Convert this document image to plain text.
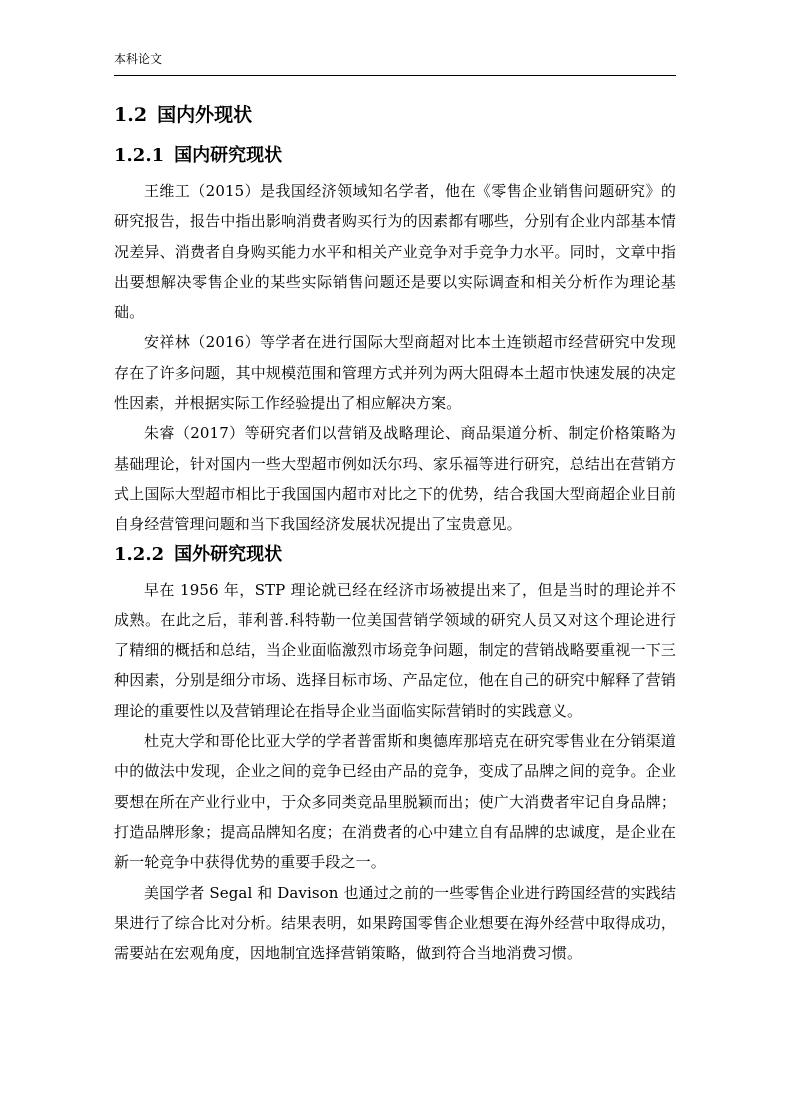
本科论文
1.2 国内外现状
1.2.1 国内研究现状

王维工（2015）是我国经济领域知名学者，他在《零售企业销售问题研究》的研究报告，报告中指出影响消费者购买行为的因素都有哪些，分别有企业内部基本情况差异、消费者自身购买能力水平和相关产业竞争对手竞争力水平。同时，文章中指出要想解决零售企业的某些实际销售问题还是要以实际调查和相关分析作为理论基础。

安祥林（2016）等学者在进行国际大型商超对比本土连锁超市经营研究中发现存在了许多问题，其中规模范围和管理方式并列为两大阻碍本土超市快速发展的决定性因素，并根据实际工作经验提出了相应解决方案。

朱睿（2017）等研究者们以营销及战略理论、商品渠道分析、制定价格策略为基础理论，针对国内一些大型超市例如沃尔玛、家乐福等进行研究，总结出在营销方式上国际大型超市相比于我国国内超市对比之下的优势，结合我国大型商超企业目前自身经营管理问题和当下我国经济发展状况提出了宝贵意见。

1.2.2 国外研究现状

早在 1956 年，STP 理论就已经在经济市场被提出来了，但是当时的理论并不成熟。在此之后，菲利普.科特勒一位美国营销学领域的研究人员又对这个理论进行了精细的概括和总结，当企业面临激烈市场竞争问题，制定的营销战略要重视一下三种因素，分别是细分市场、选择目标市场、产品定位，他在自己的研究中解释了营销理论的重要性以及营销理论在指导企业当面临实际营销时的实践意义。

杜克大学和哥伦比亚大学的学者普雷斯和奥德库那培克在研究零售业在分销渠道中的做法中发现，企业之间的竞争已经由产品的竞争，变成了品牌之间的竞争。企业要想在所在产业行业中，于众多同类竞品里脱颖而出；使广大消费者牢记自身品牌；打造品牌形象；提高品牌知名度；在消费者的心中建立自有品牌的忠诚度，是企业在新一轮竞争中获得优势的重要手段之一。

美国学者 Segal 和 Davison 也通过之前的一些零售企业进行跨国经营的实践结果进行了综合比对分析。结果表明，如果跨国零售企业想要在海外经营中取得成功，需要站在宏观角度，因地制宜选择营销策略，做到符合当地消费习惯。
